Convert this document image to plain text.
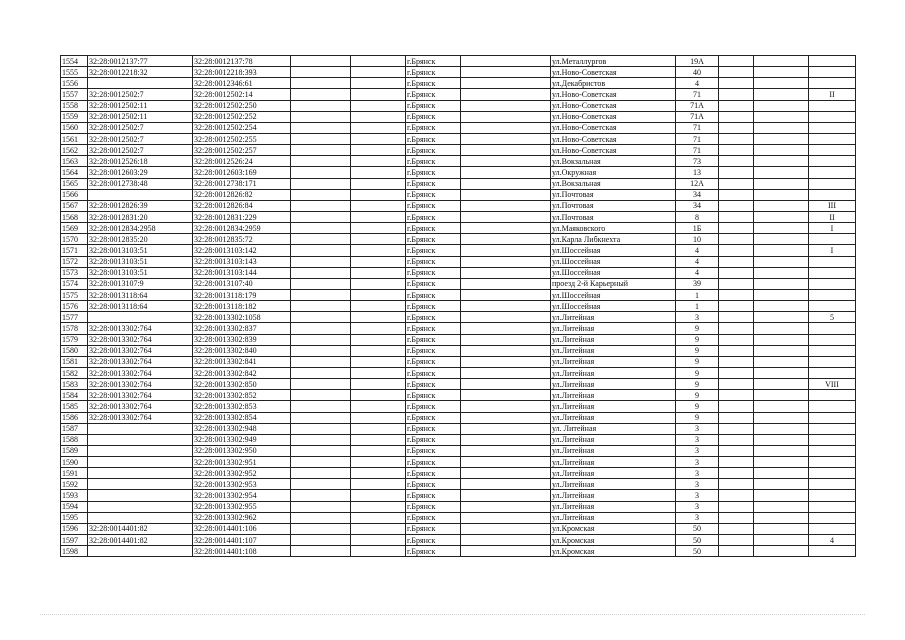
1554	32:28:0012137:77	32:28:0012137:78			г.Брянск		ул.Металлургов	19А			
1555	32:28:0012218:32	32:28:0012218:393			г.Брянск		ул.Ново-Советская	40			
1556		32:28:0012346:61			г.Брянск		ул.Декабристов	4			
1557	32:28:0012502:7	32:28:0012502:14			г.Брянск		ул.Ново-Советская	71			II
1558	32:28:0012502:11	32:28:0012502:250			г.Брянск		ул.Ново-Советская	71А			
1559	32:28:0012502:11	32:28:0012502:252			г.Брянск		ул.Ново-Советская	71А			
1560	32:28:0012502:7	32:28:0012502:254			г.Брянск		ул.Ново-Советская	71			
1561	32:28:0012502:7	32:28:0012502:255			г.Брянск		ул.Ново-Советская	71			
1562	32:28:0012502:7	32:28:0012502:257			г.Брянск		ул.Ново-Советская	71			
1563	32:28:0012526:18	32:28:0012526:24			г.Брянск		ул.Вокзальная	73			
1564	32:28:0012603:29	32:28:0012603:169			г.Брянск		ул.Окружная	13			
1565	32:28:0012738:48	32:28:0012738:171			г.Брянск		ул.Вокзальная	12А			
1566		32:28:0012826:82			г.Брянск		ул.Почтовая	34			
1567	32:28:0012826:39	32:28:0012826:84			г.Брянск		ул.Почтовая	34			III
1568	32:28:0012831:20	32:28:0012831:229			г.Брянск		ул.Почтовая	8			II
1569	32:28:0012834:2958	32:28:0012834:2959			г.Брянск		ул.Маяковского	1Б			I
1570	32:28:0012835:20	32:28:0012835:72			г.Брянск		ул.Карла Либкнехта	10			
1571	32:28:0013103:51	32:28:0013103:142			г.Брянск		ул.Шоссейная	4			I
1572	32:28:0013103:51	32:28:0013103:143			г.Брянск		ул.Шоссейная	4			
1573	32:28:0013103:51	32:28:0013103:144			г.Брянск		ул.Шоссейная	4			
1574	32:28:0013107:9	32:28:0013107:40			г.Брянск		проезд 2-й Карьерный	39			
1575	32:28:0013118:64	32:28:0013118:179			г.Брянск		ул.Шоссейная	1			
1576	32:28:0013118:64	32:28:0013118:182			г.Брянск		ул.Шоссейная	1			
1577		32:28:0013302:1058			г.Брянск		ул.Литейная	3			5
1578	32:28:0013302:764	32:28:0013302:837			г.Брянск		ул.Литейная	9			
1579	32:28:0013302:764	32:28:0013302:839			г.Брянск		ул.Литейная	9			
1580	32:28:0013302:764	32:28:0013302:840			г.Брянск		ул.Литейная	9			
1581	32:28:0013302:764	32:28:0013302:841			г.Брянск		ул.Литейная	9			
1582	32:28:0013302:764	32:28:0013302:842			г.Брянск		ул.Литейная	9			
1583	32:28:0013302:764	32:28:0013302:850			г.Брянск		ул.Литейная	9			VIII
1584	32:28:0013302:764	32:28:0013302:852			г.Брянск		ул.Литейная	9			
1585	32:28:0013302:764	32:28:0013302:853			г.Брянск		ул.Литейная	9			
1586	32:28:0013302:764	32:28:0013302:854			г.Брянск		ул.Литейная	9			
1587		32:28:0013302:948			г.Брянск		ул. Литейная	3			
1588		32:28:0013302:949			г.Брянск		ул.Литейная	3			
1589		32:28:0013302:950			г.Брянск		ул.Литейная	3			
1590		32:28:0013302:951			г.Брянск		ул.Литейная	3			
1591		32:28:0013302:952			г.Брянск		ул.Литейная	3			
1592		32:28:0013302:953			г.Брянск		ул.Литейная	3			
1593		32:28:0013302:954			г.Брянск		ул.Литейная	3			
1594		32:28:0013302:955			г.Брянск		ул.Литейная	3			
1595		32:28:0013302:962			г.Брянск		ул.Литейная	3			
1596	32:28:0014401:82	32:28:0014401:106			г.Брянск		ул.Кромская	50			
1597	32:28:0014401:82	32:28:0014401:107			г.Брянск		ул.Кромская	50			4
1598		32:28:0014401:108			г.Брянск		ул.Кромская	50			
